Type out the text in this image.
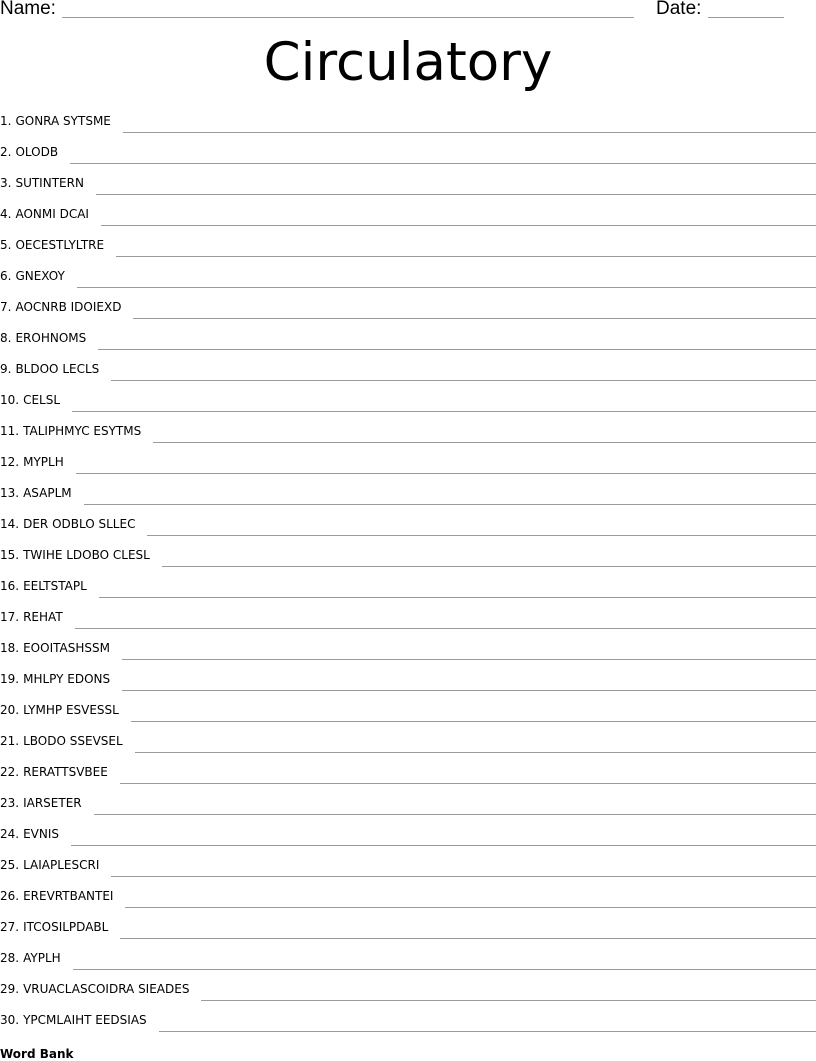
Name:	Date:
Circulatory
1. GONRA SYTSME
2. OLODB
3. SUTINTERN
4. AONMI DCAI
5. OECESTLYLTRE
6. GNEXOY
7. AOCNRB IDOIEXD
8. EROHNOMS
9. BLDOO LECLS
10. CELSL
11. TALIPHMYC ESYTMS
12. MYPLH
13. ASAPLM
14. DER ODBLO SLLEC
15. TWIHE LDOBO CLESL
16. EELTSTAPL
17. REHAT
18. EOOITASHSSM
19. MHLPY EDONS
20. LYMHP ESVESSL
21. LBODO SSEVSEL
22. RERATTSVBEE
23. IARSETER
24. EVNIS
25. LAIAPLESCRI
26. EREVRTBANTEI
27. ITCOSILPDABL
28. AYPLH
29. VRUACLASCOIDRA SIEADES
30. YPCMLAIHT EEDSIAS
Word Bank
